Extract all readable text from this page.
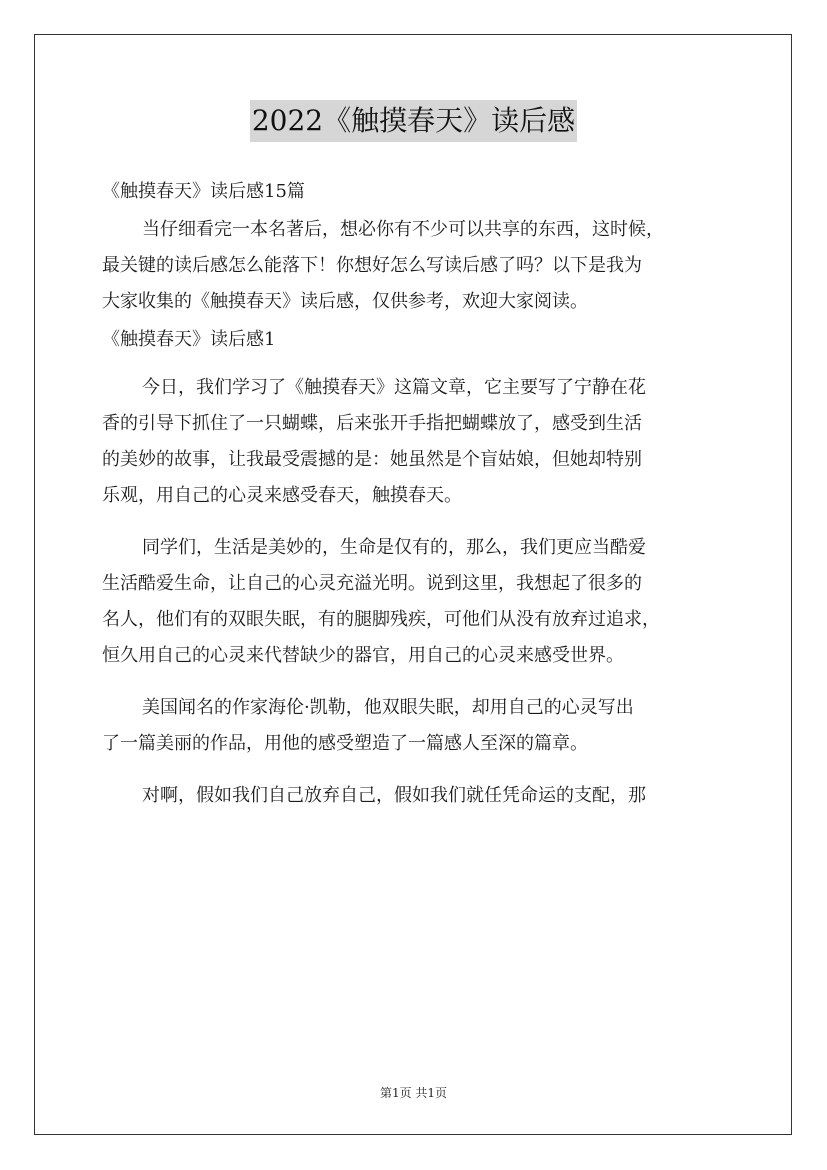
2022《触摸春天》读后感
《触摸春天》读后感15篇
当仔细看完一本名著后，想必你有不少可以共享的东西，这时候，
最关键的读后感怎么能落下！你想好怎么写读后感了吗？以下是我为
大家收集的《触摸春天》读后感，仅供参考，欢迎大家阅读。
《触摸春天》读后感1
今日，我们学习了《触摸春天》这篇文章，它主要写了宁静在花
香的引导下抓住了一只蝴蝶，后来张开手指把蝴蝶放了，感受到生活
的美妙的故事，让我最受震撼的是：她虽然是个盲姑娘，但她却特别
乐观，用自己的心灵来感受春天，触摸春天。
同学们，生活是美妙的，生命是仅有的，那么，我们更应当酷爱
生活酷爱生命，让自己的心灵充溢光明。说到这里，我想起了很多的
名人，他们有的双眼失眠，有的腿脚残疾，可他们从没有放弃过追求，
恒久用自己的心灵来代替缺少的器官，用自己的心灵来感受世界。
美国闻名的作家海伦·凯勒，他双眼失眠，却用自己的心灵写出
了一篇美丽的作品，用他的感受塑造了一篇感人至深的篇章。
对啊，假如我们自己放弃自己，假如我们就任凭命运的支配，那
第1页 共1页
